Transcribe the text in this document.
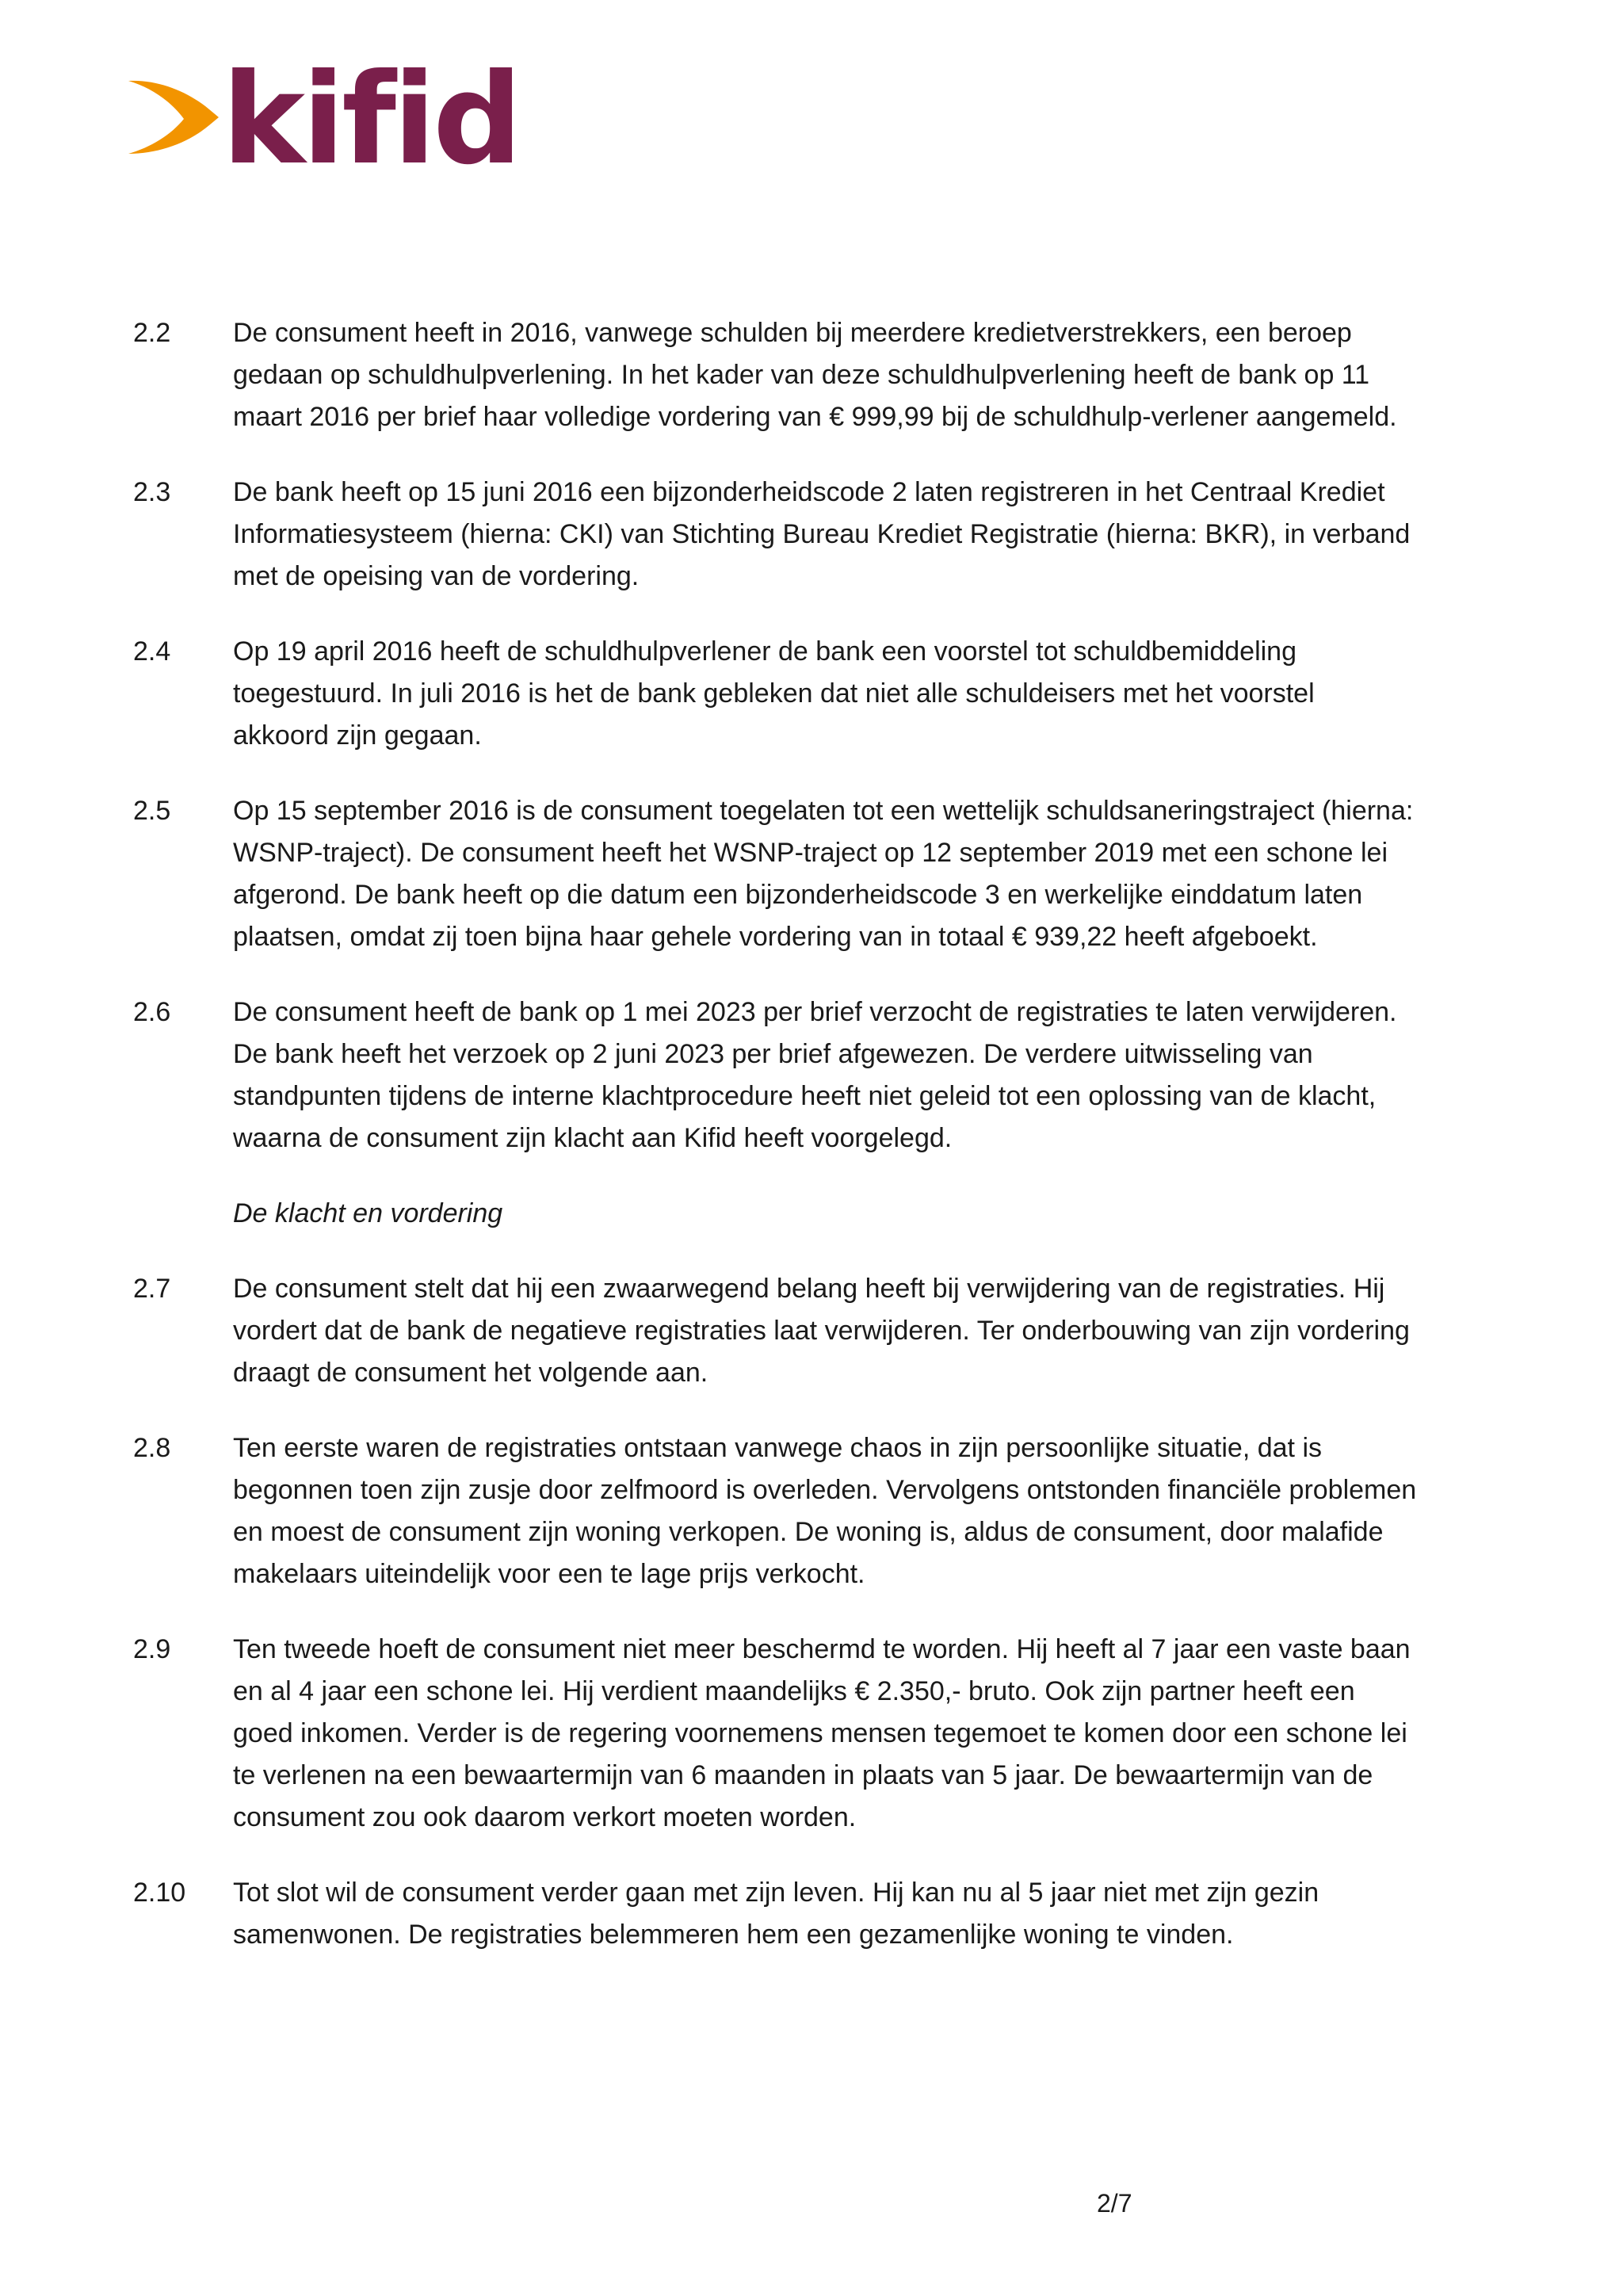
kifid
2.2 De consument heeft in 2016, vanwege schulden bij meerdere kredietverstrekkers, een beroep gedaan op schuldhulpverlening. In het kader van deze schuldhulpverlening heeft de bank op 11 maart 2016 per brief haar volledige vordering van € 999,99 bij de schuldhulp-verlener aangemeld.
2.3 De bank heeft op 15 juni 2016 een bijzonderheidscode 2 laten registreren in het Centraal Krediet Informatiesysteem (hierna: CKI) van Stichting Bureau Krediet Registratie (hierna: BKR), in verband met de opeising van de vordering.
2.4 Op 19 april 2016 heeft de schuldhulpverlener de bank een voorstel tot schuldbemiddeling toegestuurd. In juli 2016 is het de bank gebleken dat niet alle schuldeisers met het voorstel akkoord zijn gegaan.
2.5 Op 15 september 2016 is de consument toegelaten tot een wettelijk schuldsaneringstraject (hierna: WSNP-traject). De consument heeft het WSNP-traject op 12 september 2019 met een schone lei afgerond. De bank heeft op die datum een bijzonderheidscode 3 en werkelijke einddatum laten plaatsen, omdat zij toen bijna haar gehele vordering van in totaal € 939,22 heeft afgeboekt.
2.6 De consument heeft de bank op 1 mei 2023 per brief verzocht de registraties te laten verwijderen. De bank heeft het verzoek op 2 juni 2023 per brief afgewezen. De verdere uitwisseling van standpunten tijdens de interne klachtprocedure heeft niet geleid tot een oplossing van de klacht, waarna de consument zijn klacht aan Kifid heeft voorgelegd.
De klacht en vordering
2.7 De consument stelt dat hij een zwaarwegend belang heeft bij verwijdering van de registraties. Hij vordert dat de bank de negatieve registraties laat verwijderen. Ter onderbouwing van zijn vordering draagt de consument het volgende aan.
2.8 Ten eerste waren de registraties ontstaan vanwege chaos in zijn persoonlijke situatie, dat is begonnen toen zijn zusje door zelfmoord is overleden. Vervolgens ontstonden financiële problemen en moest de consument zijn woning verkopen. De woning is, aldus de consument, door malafide makelaars uiteindelijk voor een te lage prijs verkocht.
2.9 Ten tweede hoeft de consument niet meer beschermd te worden. Hij heeft al 7 jaar een vaste baan en al 4 jaar een schone lei. Hij verdient maandelijks € 2.350,- bruto. Ook zijn partner heeft een goed inkomen. Verder is de regering voornemens mensen tegemoet te komen door een schone lei te verlenen na een bewaartermijn van 6 maanden in plaats van 5 jaar. De bewaartermijn van de consument zou ook daarom verkort moeten worden.
2.10 Tot slot wil de consument verder gaan met zijn leven. Hij kan nu al 5 jaar niet met zijn gezin samenwonen. De registraties belemmeren hem een gezamenlijke woning te vinden.
2/7
